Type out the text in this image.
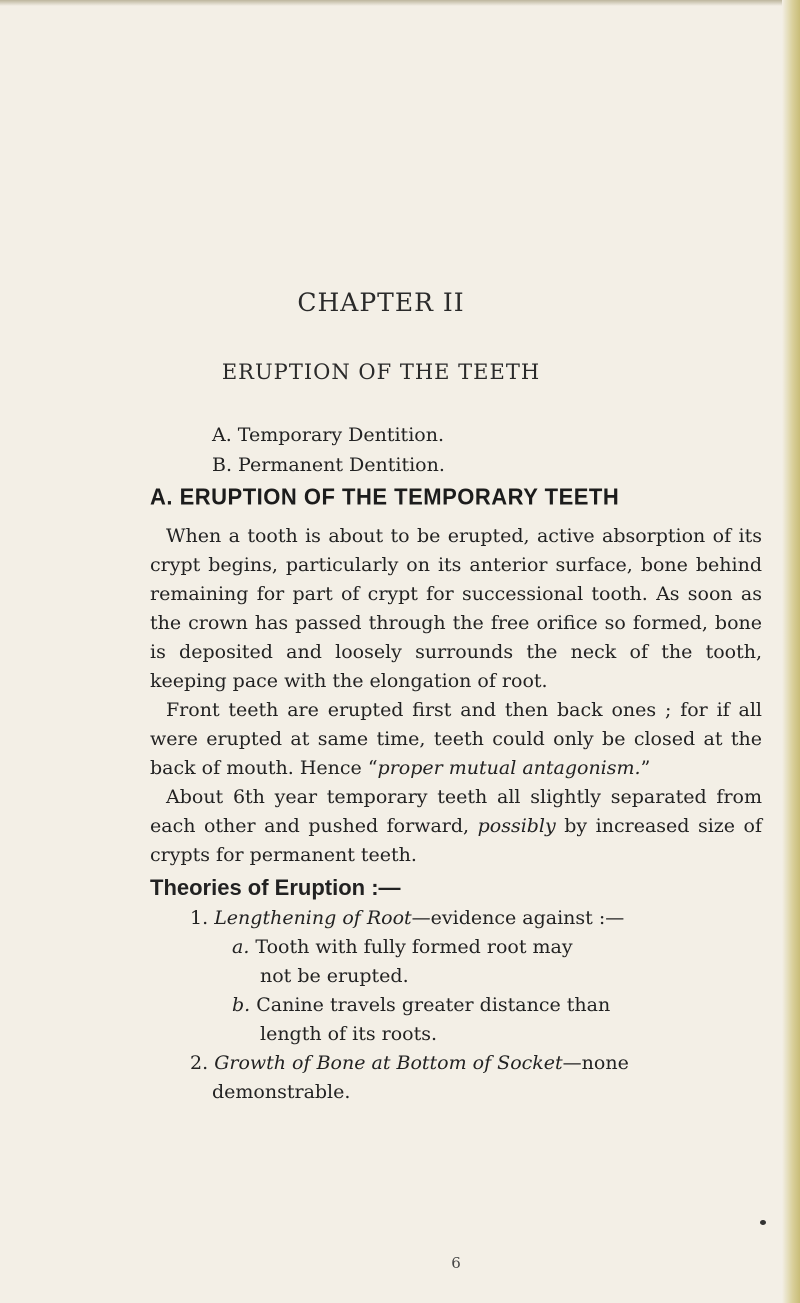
CHAPTER II
ERUPTION OF THE TEETH
A. Temporary Dentition.
B. Permanent Dentition.
A. ERUPTION OF THE TEMPORARY TEETH
When a tooth is about to be erupted, active absorption of its crypt begins, particularly on its anterior surface, bone behind remaining for part of crypt for successional tooth. As soon as the crown has passed through the free orifice so formed, bone is deposited and loosely surrounds the neck of the tooth, keeping pace with the elongation of root.
Front teeth are erupted first and then back ones ; for if all were erupted at same time, teeth could only be closed at the back of mouth. Hence “proper mutual antagonism.”
About 6th year temporary teeth all slightly separated from each other and pushed forward, possibly by increased size of crypts for permanent teeth.
Theories of Eruption :—
1. Lengthening of Root—evidence against :—
a. Tooth with fully formed root may
not be erupted.
b. Canine travels greater distance than
length of its roots.
2. Growth of Bone at Bottom of Socket—none
demonstrable.
6
